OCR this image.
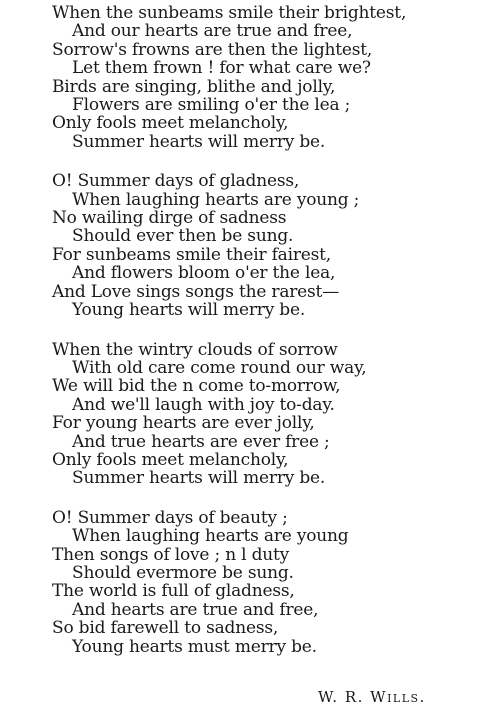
When the sunbeams smile their brightest,
And our hearts are true and free,
Sorrow's frowns are then the lightest,
Let them frown ! for what care we?
Birds are singing, blithe and jolly,
Flowers are smiling o'er the lea ;
Only fools meet melancholy,
Summer hearts will merry be.
O! Summer days of gladness,
When laughing hearts are young ;
No wailing dirge of sadness
Should ever then be sung.
For sunbeams smile their fairest,
And flowers bloom o'er the lea,
And Love sings songs the rarest—
Young hearts will merry be.
When the wintry clouds of sorrow
With old care come round our way,
We will bid the n come to-morrow,
And we'll laugh with joy to-day.
For young hearts are ever jolly,
And true hearts are ever free ;
Only fools meet melancholy,
Summer hearts will merry be.
O! Summer days of beauty ;
When laughing hearts are young
Then songs of love ; n l duty
Should evermore be sung.
The world is full of gladness,
And hearts are true and free,
So bid farewell to sadness,
Young hearts must merry be.
W. R. Wills.
